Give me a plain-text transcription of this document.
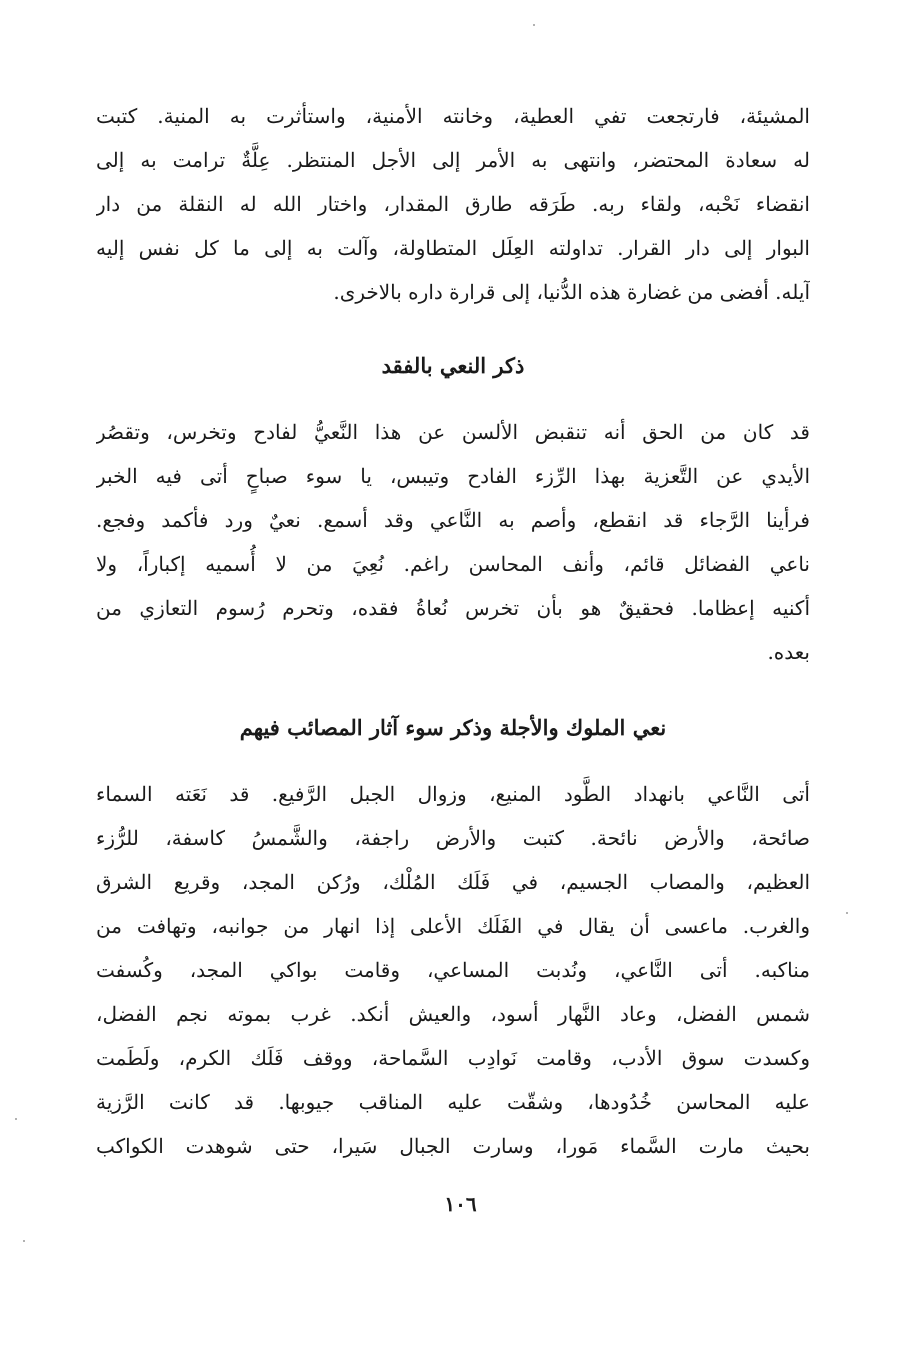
المشيئة، فارتجعت تفي العطية، وخانته الأمنية، واستأثرت به المنية. كتبت
له سعادة المحتضر، وانتهى به الأمر إلى الأجل المنتظر. عِلَّةٌ ترامت به إلى
انقضاء نَحْبه، ولقاء ربه. طَرَقه طارق المقدار، واختار الله له النقلة من دار
البوار إلى دار القرار. تداولته العِلَل المتطاولة، وآلت به إلى ما كل نفس إليه
آيله. أفضى من غضارة هذه الدُّنيا، إلى قرارة داره بالاخرى.
ذكر النعي بالفقد
قد كان من الحق أنه تنقبض الألسن عن هذا النَّعيُّ لفادح وتخرس، وتقصُر
الأيدي عن التَّعزية بهذا الرِّزء الفادح وتيبس، يا سوء صباحٍ أتى فيه الخبر
فرأينا الرَّجاء قد انقطع، وأصم به النَّاعي وقد أسمع. نعيٌ ورد فأكمد وفجع.
ناعي الفضائل قائم، وأنف المحاسن راغم. نُعِيَ من لا أُسميه إكباراً، ولا
أكنيه إعظاما. فحقيقٌ هو بأن تخرس نُعاةُ فقده، وتحرم رُسوم التعازي من
بعده.
نعي الملوك والأجلة وذكر سوء آثار المصائب فيهم
أتى النَّاعي بانهداد الطَّود المنيع، وزوال الجبل الرَّفيع. قد نَعَته السماء
صائحة، والأرض نائحة. كتبت والأرض راجفة، والشَّمسُ كاسفة، للرُّزء
العظيم، والمصاب الجسيم، في فَلَك المُلْك، ورُكن المجد، وقريع الشرق
والغرب. ماعسى أن يقال في الفَلَك الأعلى إذا انهار من جوانبه، وتهافت من
مناكبه. أتى النَّاعي، ونُدبت المساعي، وقامت بواكي المجد، وكُسفت
شمس الفضل، وعاد النَّهار أسود، والعيش أنكد. غرب بموته نجم الفضل،
وكسدت سوق الأدب، وقامت نَوادِب السَّماحة، ووقف فَلَك الكرم، ولَطَمت
عليه المحاسن خُدُودها، وشقّت عليه المناقب جيوبها. قد كانت الرَّزية
بحيث مارت السَّماء مَورا، وسارت الجبال سَيرا، حتى شوهدت الكواكب
١٠٦
